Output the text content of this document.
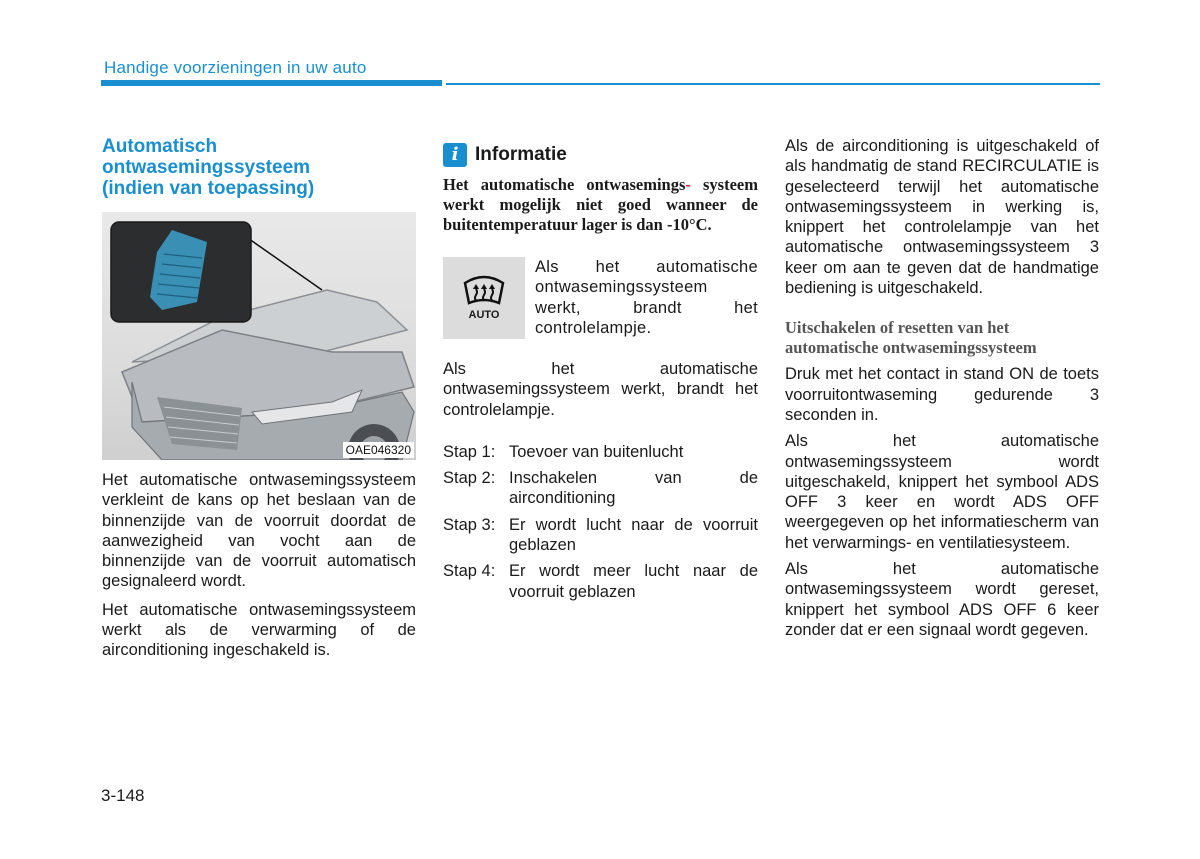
Handige voorzieningen in uw auto
Automatisch
ontwasemingssysteem
(indien van toepassing)
OAE046320

Het automatische ontwasemingssysteem verkleint de kans op het beslaan van de binnenzijde van de voorruit doordat de aanwezigheid van vocht aan de binnenzijde van de voorruit automatisch gesignaleerd wordt.

Het automatische ontwasemingssysteem werkt als de verwarming of de airconditioning ingeschakeld is.

i Informatie
Het automatische ontwasemings- systeem werkt mogelijk niet goed wanneer de buitentemperatuur lager is dan -10°C.
AUTO

Als het automatische ontwasemingssysteem werkt, brandt het controlelampje.

Als het automatische ontwasemingssysteem werkt, brandt het controlelampje.

Stap 1: Toevoer van buitenlucht
Stap 2: Inschakelen van de airconditioning
Stap 3: Er wordt lucht naar de voorruit geblazen
Stap 4: Er wordt meer lucht naar de voorruit geblazen

Als de airconditioning is uitgeschakeld of als handmatig de stand RECIRCULATIE is geselecteerd terwijl het automatische ontwasemingssysteem in werking is, knippert het controlelampje van het automatische ontwasemingssysteem 3 keer om aan te geven dat de handmatige bediening is uitgeschakeld.

Uitschakelen of resetten van het
automatische ontwasemingssysteem

Druk met het contact in stand ON de toets voorruitontwaseming gedurende 3 seconden in.

Als het automatische ontwasemingssysteem wordt uitgeschakeld, knippert het symbool ADS OFF 3 keer en wordt ADS OFF weergegeven op het informatiescherm van het verwarmings- en ventilatiesysteem.

Als het automatische ontwasemingssysteem wordt gereset, knippert het symbool ADS OFF 6 keer zonder dat er een signaal wordt gegeven.

3-148
